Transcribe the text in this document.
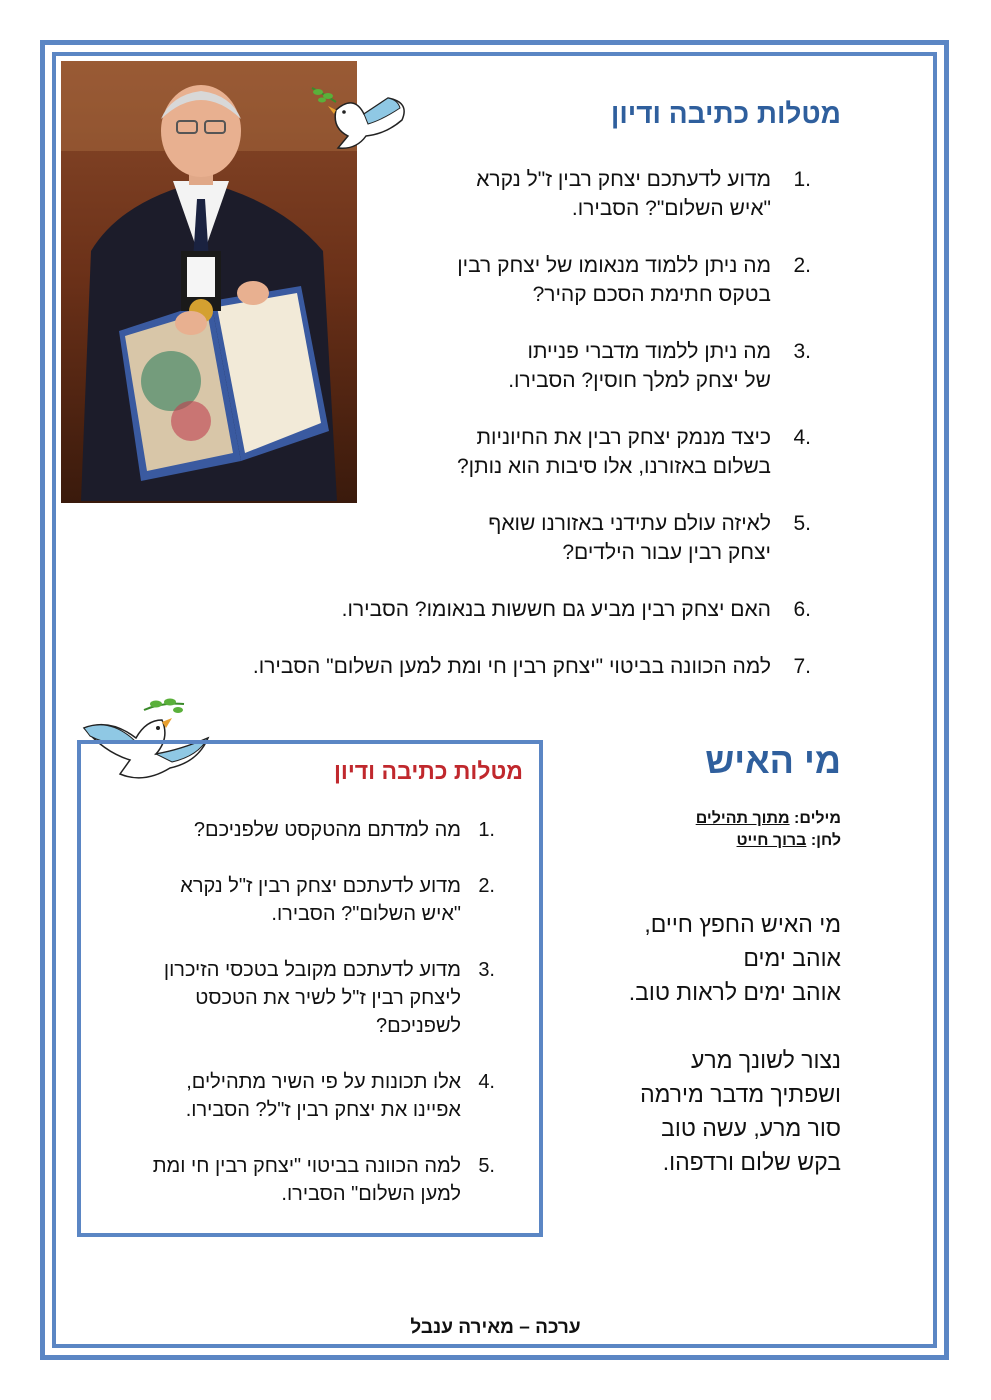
מטלות כתיבה ודיון
1.
מדוע לדעתכם יצחק רבין ז"ל נקרא
"איש השלום"? הסבירו.
2.
מה ניתן ללמוד מנאומו של יצחק רבין
בטקס חתימת הסכם קהיר?
3.
מה ניתן ללמוד מדברי פנייתו
של יצחק למלך חוסין? הסבירו.
4.
כיצד מנמק יצחק רבין את החיוניות
בשלום באזורנו, אלו סיבות הוא נותן?
5.
לאיזה עולם עתידני באזורנו שואף
יצחק רבין עבור הילדים?
6.
האם יצחק רבין מביע גם חששות בנאומו? הסבירו.
7.
למה הכוונה בביטוי "יצחק רבין חי ומת למען השלום" הסבירו.
מטלות כתיבה ודיון
1.
מה למדתם מהטקסט שלפניכם?
2.
מדוע לדעתכם יצחק רבין ז"ל נקרא
"איש השלום"? הסבירו.
3.
מדוע לדעתכם מקובל בטכסי הזיכרון
ליצחק רבין ז"ל לשיר את הטכסט
לשפניכם?
4.
אלו תכונות על פי השיר מתהילים,
אפיינו את יצחק רבין ז"ל? הסבירו.
5.
למה הכוונה בביטוי "יצחק רבין חי ומת
למען השלום" הסבירו.
מי האיש
מילים: מתוך תהילים
לחן: ברוך חייט
מי האיש החפץ חיים,
אוהב ימים
אוהב ימים לראות טוב.
נצור לשונך מרע
ושפתיך מדבר מירמה
סור מרע, עשה טוב
בקש שלום ורדפהו.
ערכה – מאירה ענבל
